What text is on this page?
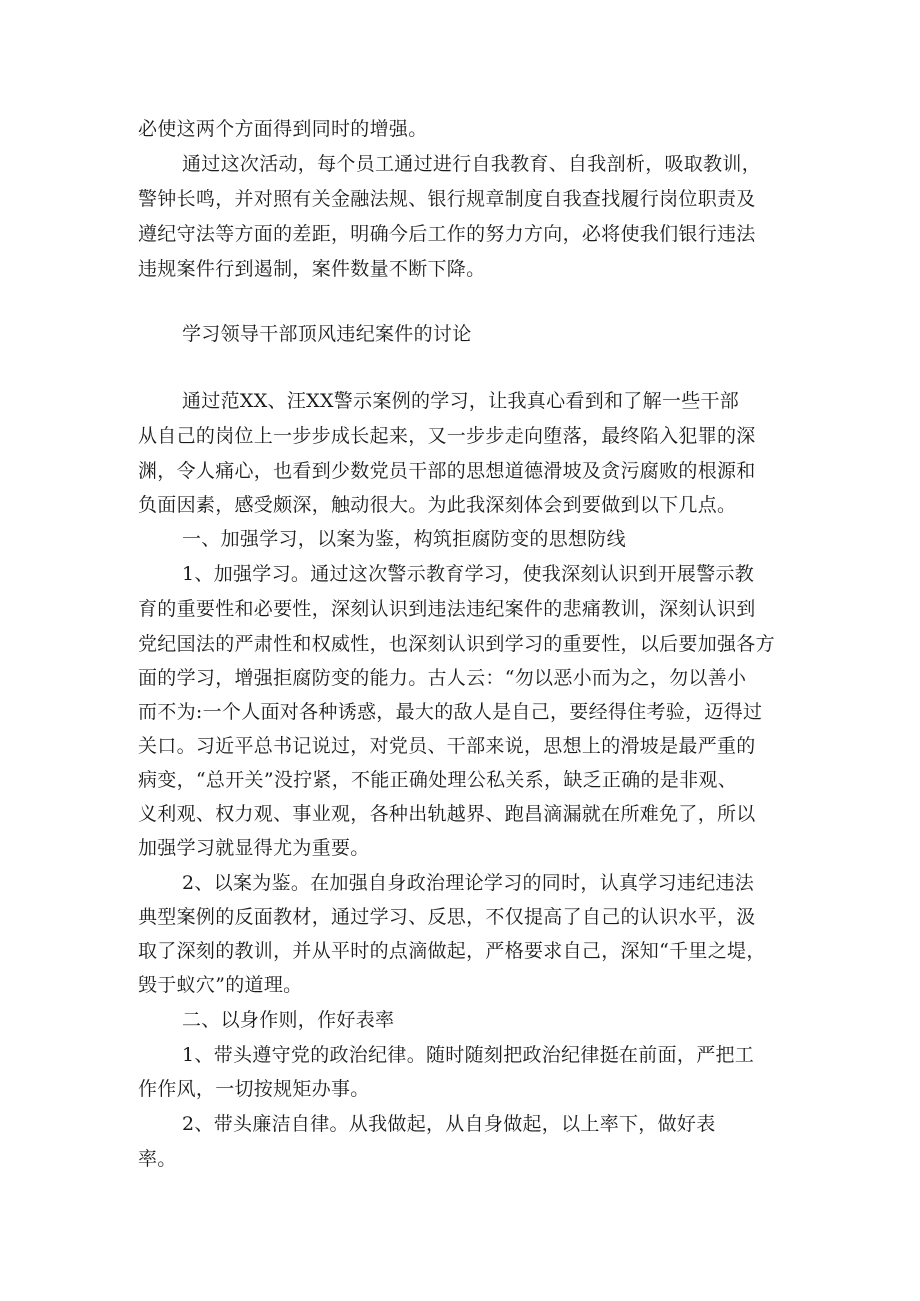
必使这两个方面得到同时的增强。
通过这次活动，每个员工通过进行自我教育、自我剖析，吸取教训，
警钟长鸣，并对照有关金融法规、银行规章制度自我查找履行岗位职责及
遵纪守法等方面的差距，明确今后工作的努力方向，必将使我们银行违法
违规案件行到遏制，案件数量不断下降。
学习领导干部顶风违纪案件的讨论
通过范XX、汪XX警示案例的学习，让我真心看到和了解一些干部
从自己的岗位上一步步成长起来，又一步步走向堕落，最终陷入犯罪的深
渊，令人痛心，也看到少数党员干部的思想道德滑坡及贪污腐败的根源和
负面因素，感受颇深，触动很大。为此我深刻体会到要做到以下几点。
一、加强学习，以案为鉴，构筑拒腐防变的思想防线
1、加强学习。通过这次警示教育学习，使我深刻认识到开展警示教
育的重要性和必要性，深刻认识到违法违纪案件的悲痛教训，深刻认识到
党纪国法的严肃性和权威性，也深刻认识到学习的重要性，以后要加强各方
面的学习，增强拒腐防变的能力。古人云：“勿以恶小而为之，勿以善小
而不为:一个人面对各种诱惑，最大的敌人是自己，要经得住考验，迈得过
关口。习近平总书记说过，对党员、干部来说，思想上的滑坡是最严重的
病变，“总开关”没拧紧，不能正确处理公私关系，缺乏正确的是非观、
义利观、权力观、事业观，各种出轨越界、跑昌滴漏就在所难免了，所以
加强学习就显得尤为重要。
2、以案为鉴。在加强自身政治理论学习的同时，认真学习违纪违法
典型案例的反面教材，通过学习、反思，不仅提高了自己的认识水平，汲
取了深刻的教训，并从平时的点滴做起，严格要求自己，深知“千里之堤，
毁于蚁穴”的道理。
二、以身作则，作好表率
1、带头遵守党的政治纪律。随时随刻把政治纪律挺在前面，严把工
作作风，一切按规矩办事。
2、带头廉洁自律。从我做起，从自身做起，以上率下，做好表
率。
